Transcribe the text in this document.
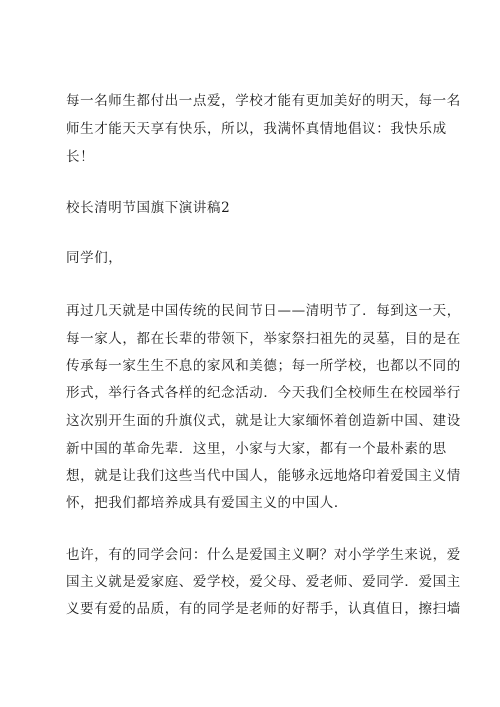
每一名师生都付出一点爱，学校才能有更加美好的明天，每一名
师生才能天天享有快乐，所以，我满怀真情地倡议：我快乐成
长！
校长清明节国旗下演讲稿2
同学们，
再过几天就是中国传统的民间节日——清明节了．每到这一天，
每一家人，都在长辈的带领下，举家祭扫祖先的灵墓，目的是在
传承每一家生生不息的家风和美德；每一所学校，也都以不同的
形式，举行各式各样的纪念活动．今天我们全校师生在校园举行
这次别开生面的升旗仪式，就是让大家缅怀着创造新中国、建设
新中国的革命先辈．这里，小家与大家，都有一个最朴素的思
想，就是让我们这些当代中国人，能够永远地烙印着爱国主义情
怀，把我们都培养成具有爱国主义的中国人．
也许，有的同学会问：什么是爱国主义啊？对小学学生来说，爱
国主义就是爱家庭、爱学校，爱父母、爱老师、爱同学．爱国主
义要有爱的品质，有的同学是老师的好帮手，认真值日，擦扫墙
